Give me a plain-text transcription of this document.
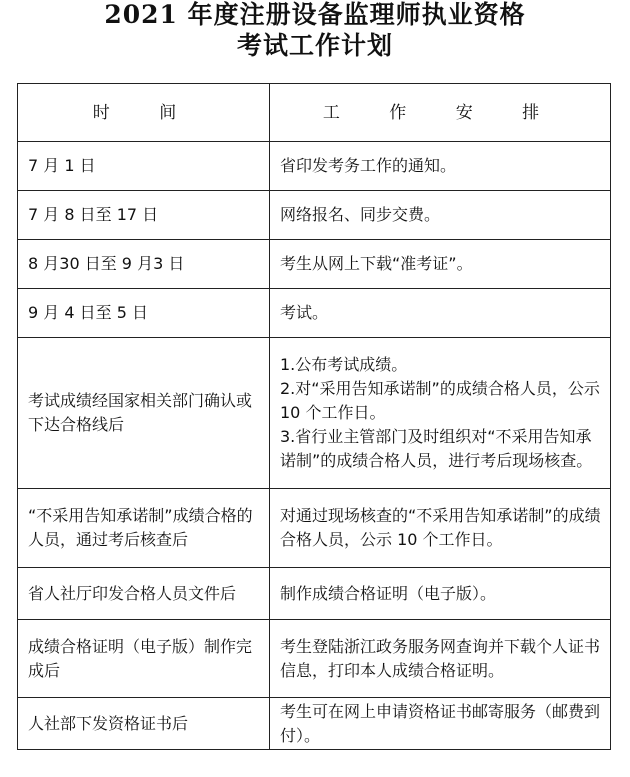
2021 年度注册设备监理师执业资格
考试工作计划
时 间	工 作 安 排
7 月 1 日	省印发考务工作的通知。

7 月 8 日至 17 日	网络报名、同步交费。

8 月30 日至 9 月3 日	考生从网上下载“准考证”。

9 月 4 日至 5 日	考试。

考试成绩经国家相关部门确认或下达合格线后	1.公布考试成绩。
2.对“采用告知承诺制”的成绩合格人员，公示 10 个工作日。
3.省行业主管部门及时组织对“不采用告知承诺制”的成绩合格人员，进行考后现场核查。

“不采用告知承诺制”成绩合格的人员，通过考后核查后	对通过现场核查的“不采用告知承诺制”的成绩合格人员，公示 10 个工作日。

省人社厅印发合格人员文件后	制作成绩合格证明（电子版）。

成绩合格证明（电子版）制作完成后	考生登陆浙江政务服务网查询并下载个人证书信息，打印本人成绩合格证明。

人社部下发资格证书后	考生可在网上申请资格证书邮寄服务（邮费到付）。
